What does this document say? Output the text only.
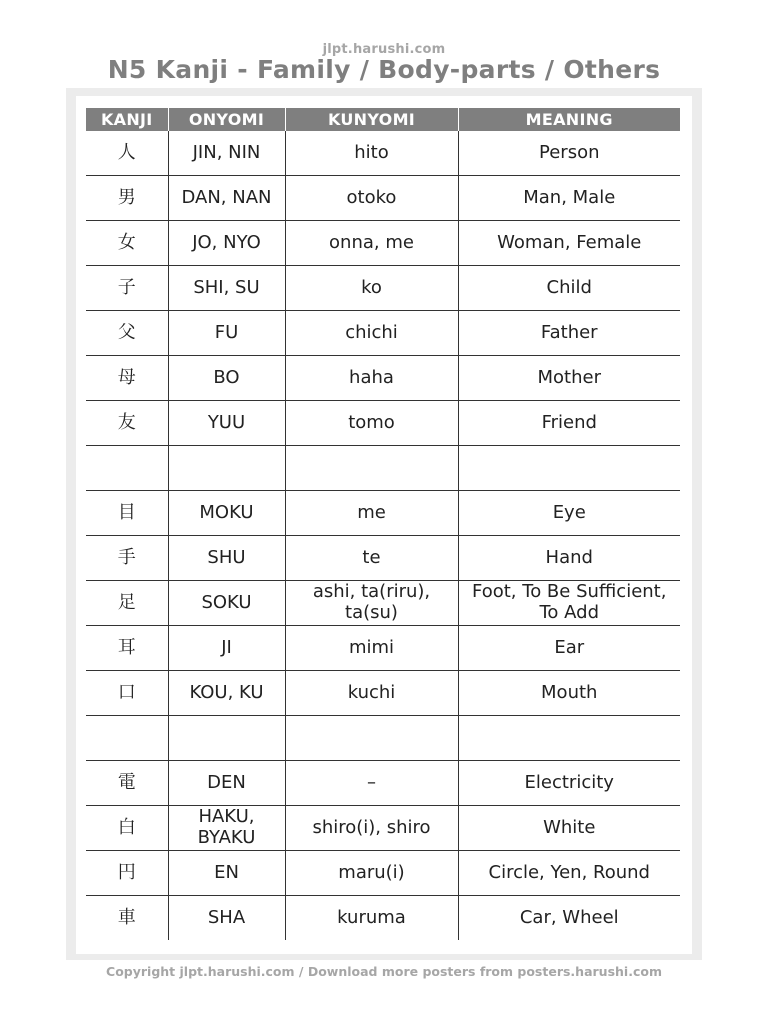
jlpt.harushi.com
N5 Kanji - Family / Body-parts / Others
KANJI	ONYOMI	KUNYOMI	MEANING
人	JIN, NIN	hito	Person
男	DAN, NAN	otoko	Man, Male
女	JO, NYO	onna, me	Woman, Female
子	SHI, SU	ko	Child
父	FU	chichi	Father
母	BO	haha	Mother
友	YUU	tomo	Friend

目	MOKU	me	Eye
手	SHU	te	Hand
足	SOKU	ashi, ta(riru), ta(su)	Foot, To Be Sufficient, To Add
耳	JI	mimi	Ear
口	KOU, KU	kuchi	Mouth

電	DEN	–	Electricity
白	HAKU, BYAKU	shiro(i), shiro	White
円	EN	maru(i)	Circle, Yen, Round
車	SHA	kuruma	Car, Wheel
Copyright jlpt.harushi.com / Download more posters from posters.harushi.com
